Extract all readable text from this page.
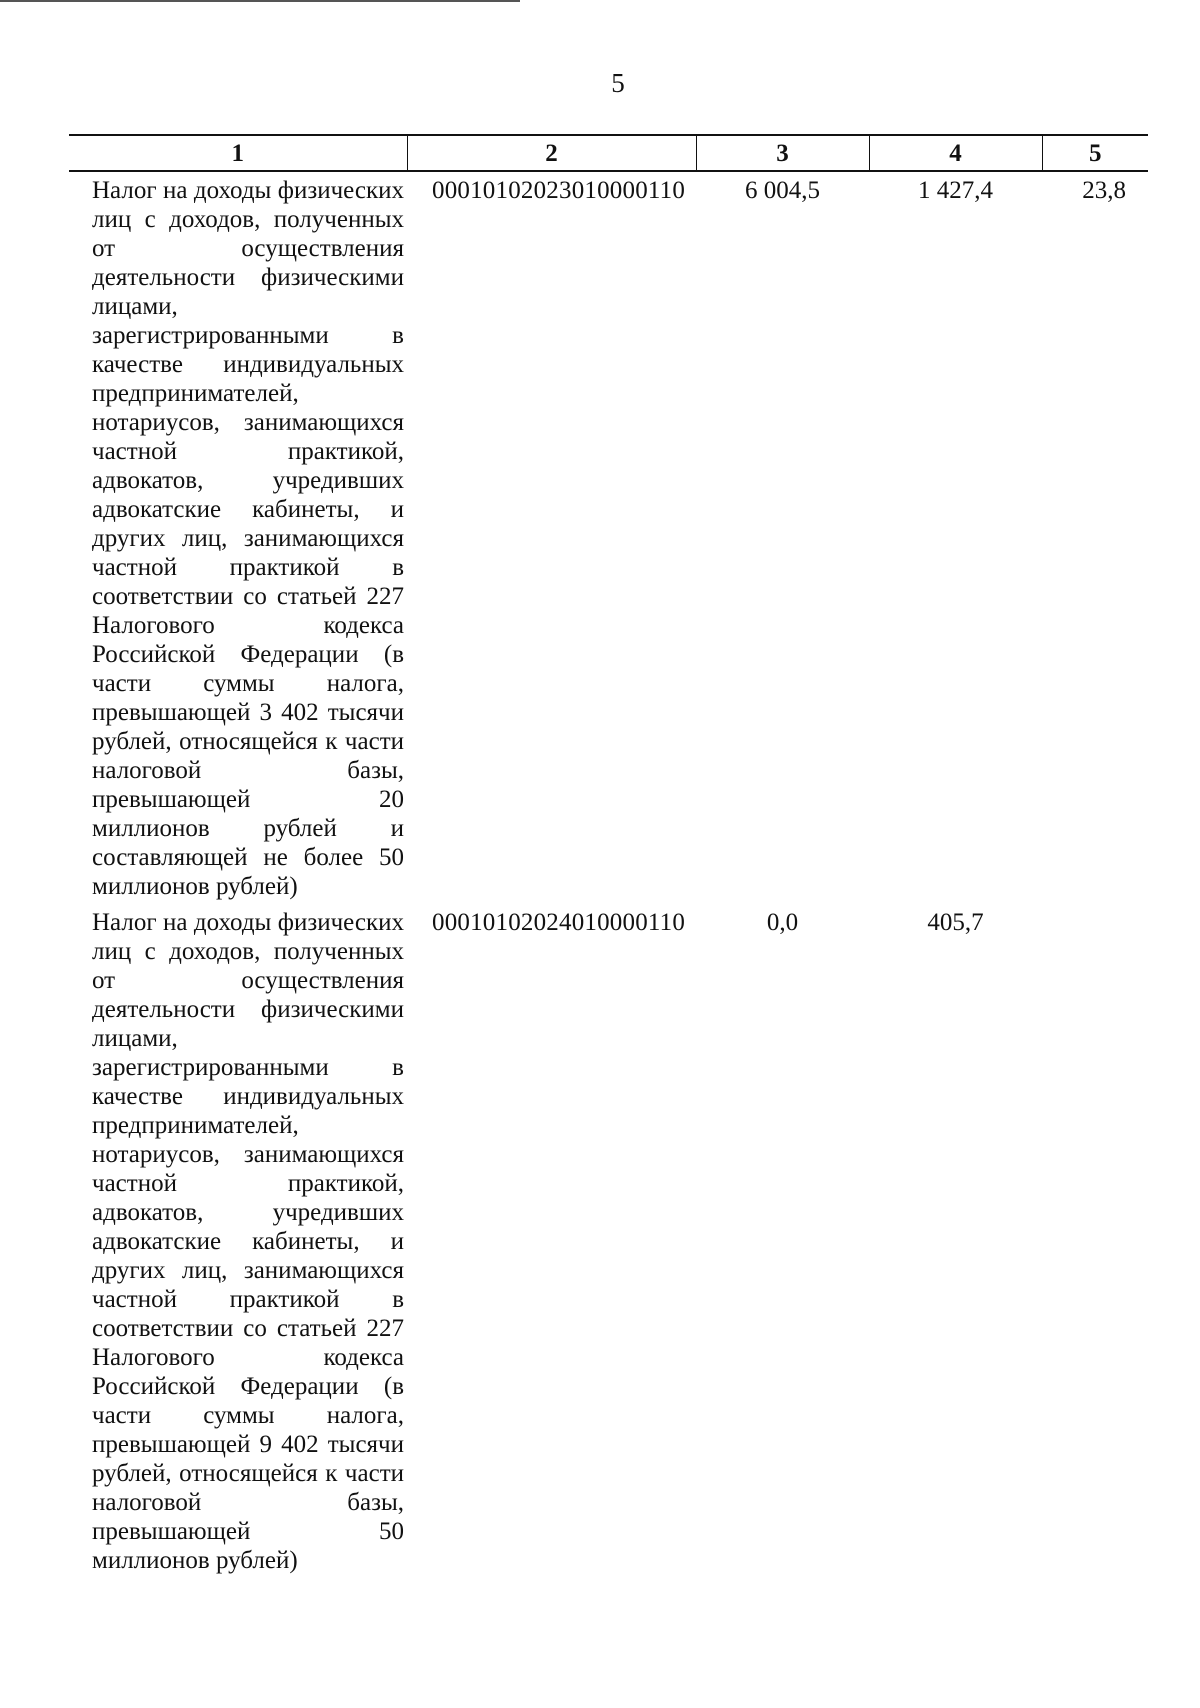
5
1	2	3	4	5
Налог на доходы физических лиц с доходов, полученных от осуществления деятельности физическими лицами, зарегистрированными в качестве индивидуальных предпринимателей, нотариусов, занимающихся частной практикой, адвокатов, учредивших адвокатские кабинеты, и других лиц, занимающихся частной практикой в соответствии со статьей 227 Налогового кодекса Российской Федерации (в части суммы налога, превышающей 3 402 тысячи рублей, относящейся к части налоговой базы, превышающей 20 миллионов рублей и составляющей не более 50 миллионов рублей)	00010102023010000110	6 004,5	1 427,4	23,8
Налог на доходы физических лиц с доходов, полученных от осуществления деятельности физическими лицами, зарегистрированными в качестве индивидуальных предпринимателей, нотариусов, занимающихся частной практикой, адвокатов, учредивших адвокатские кабинеты, и других лиц, занимающихся частной практикой в соответствии со статьей 227 Налогового кодекса Российской Федерации (в части суммы налога, превышающей 9 402 тысячи рублей, относящейся к части налоговой базы, превышающей 50 миллионов рублей)	00010102024010000110	0,0	405,7	
